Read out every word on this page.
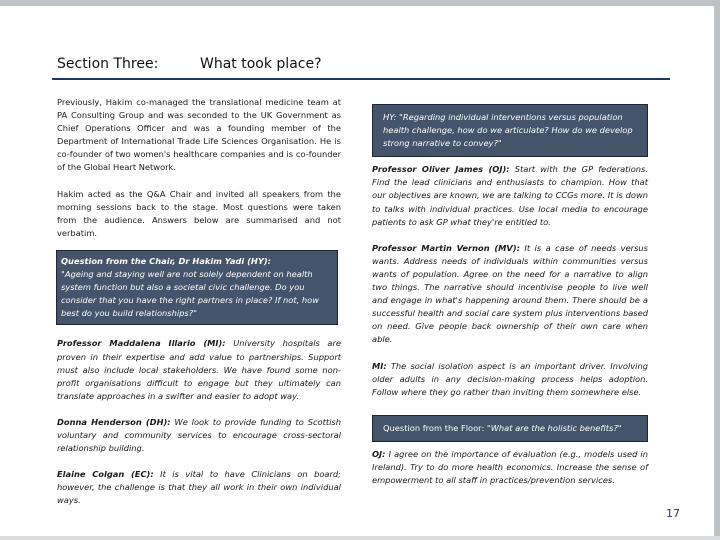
Section Three:	What took place?

Previously, Hakim co-managed the translational medicine team at PA Consulting Group and was seconded to the UK Government as Chief Operations Officer and was a founding member of the Department of International Trade Life Sciences Organisation. He is co-founder of two women's healthcare companies and is co-founder of the Global Heart Network.

Hakim acted as the Q&A Chair and invited all speakers from the morning sessions back to the stage. Most questions were taken from the audience. Answers below are summarised and not verbatim.

Question from the Chair, Dr Hakim Yadi (HY):
"Ageing and staying well are not solely dependent on health system function but also a societal civic challenge. Do you consider that you have the right partners in place? If not, how best do you build relationships?"

Professor Maddalena Illario (MI): University hospitals are proven in their expertise and add value to partnerships. Support must also include local stakeholders. We have found some non-profit organisations difficult to engage but they ultimately can translate approaches in a swifter and easier to adopt way.

Donna Henderson (DH): We look to provide funding to Scottish voluntary and community services to encourage cross-sectoral relationship building.

Elaine Colgan (EC): It is vital to have Clinicians on board; however, the challenge is that they all work in their own individual ways.

HY: "Regarding individual interventions versus population health challenge, how do we articulate? How do we develop strong narrative to convey?"

Professor Oliver James (OJ): Start with the GP federations. Find the lead clinicians and enthusiasts to champion. How that our objectives are known, we are talking to CCGs more. It is down to talks with individual practices. Use local media to encourage patients to ask GP what they're entitled to.

Professor Martin Vernon (MV): It is a case of needs versus wants. Address needs of individuals within communities versus wants of population. Agree on the need for a narrative to align two things. The narrative should incentivise people to live well and engage in what's happening around them. There should be a successful health and social care system plus interventions based on need. Give people back ownership of their own care when able.

MI: The social isolation aspect is an important driver. Involving older adults in any decision-making process helps adoption. Follow where they go rather than inviting them somewhere else.

Question from the Floor: "What are the holistic benefits?"

OJ: I agree on the importance of evaluation (e.g., models used in Ireland). Try to do more health economics. Increase the sense of empowerment to all staff in practices/prevention services.

17
